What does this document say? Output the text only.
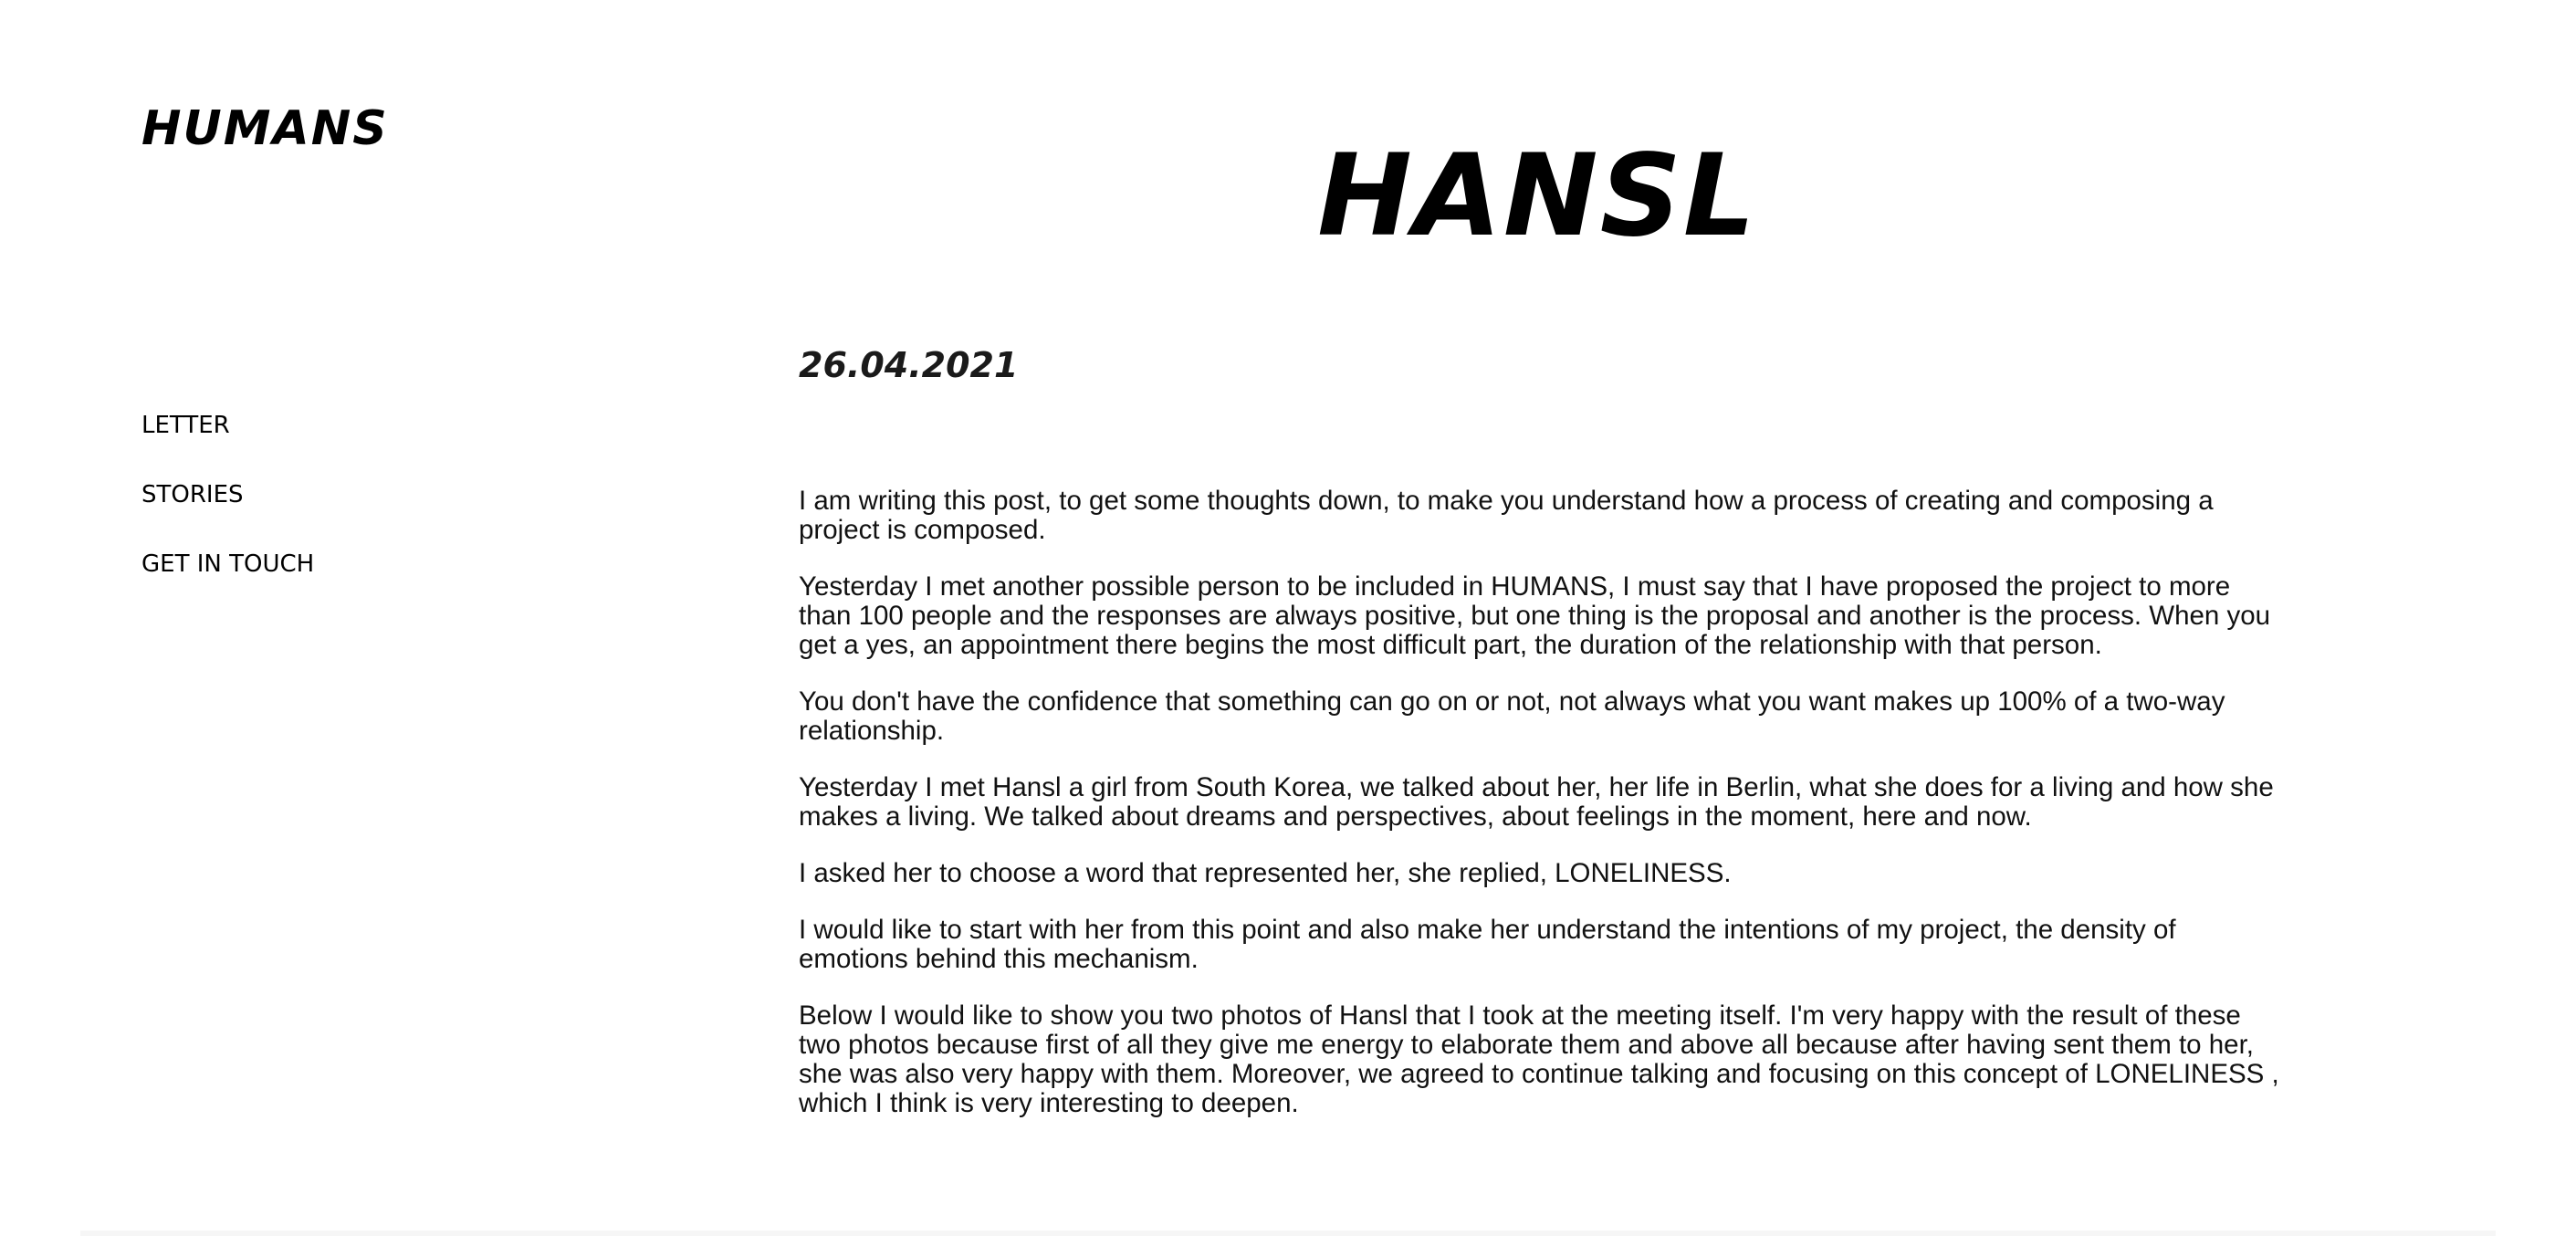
HUMANS
LETTER
STORIES
GET IN TOUCH
HANSL
26.04.2021

I am writing this post, to get some thoughts down, to make you understand how a process of creating and composing a project is composed.

Yesterday I met another possible person to be included in HUMANS, I must say that I have proposed the project to more than 100 people and the responses are always positive, but one thing is the proposal and another is the process. When you get a yes, an appointment there begins the most difficult part, the duration of the relationship with that person.

You don't have the confidence that something can go on or not, not always what you want makes up 100% of a two-way relationship.

Yesterday I met Hansl a girl from South Korea, we talked about her, her life in Berlin, what she does for a living and how she makes a living. We talked about dreams and perspectives, about feelings in the moment, here and now.

I asked her to choose a word that represented her, she replied, LONELINESS.

I would like to start with her from this point and also make her understand the intentions of my project, the density of emotions behind this mechanism.

Below I would like to show you two photos of Hansl that I took at the meeting itself. I'm very happy with the result of these two photos because first of all they give me energy to elaborate them and above all because after having sent them to her, she was also very happy with them. Moreover, we agreed to continue talking and focusing on this concept of LONELINESS , which I think is very interesting to deepen.
